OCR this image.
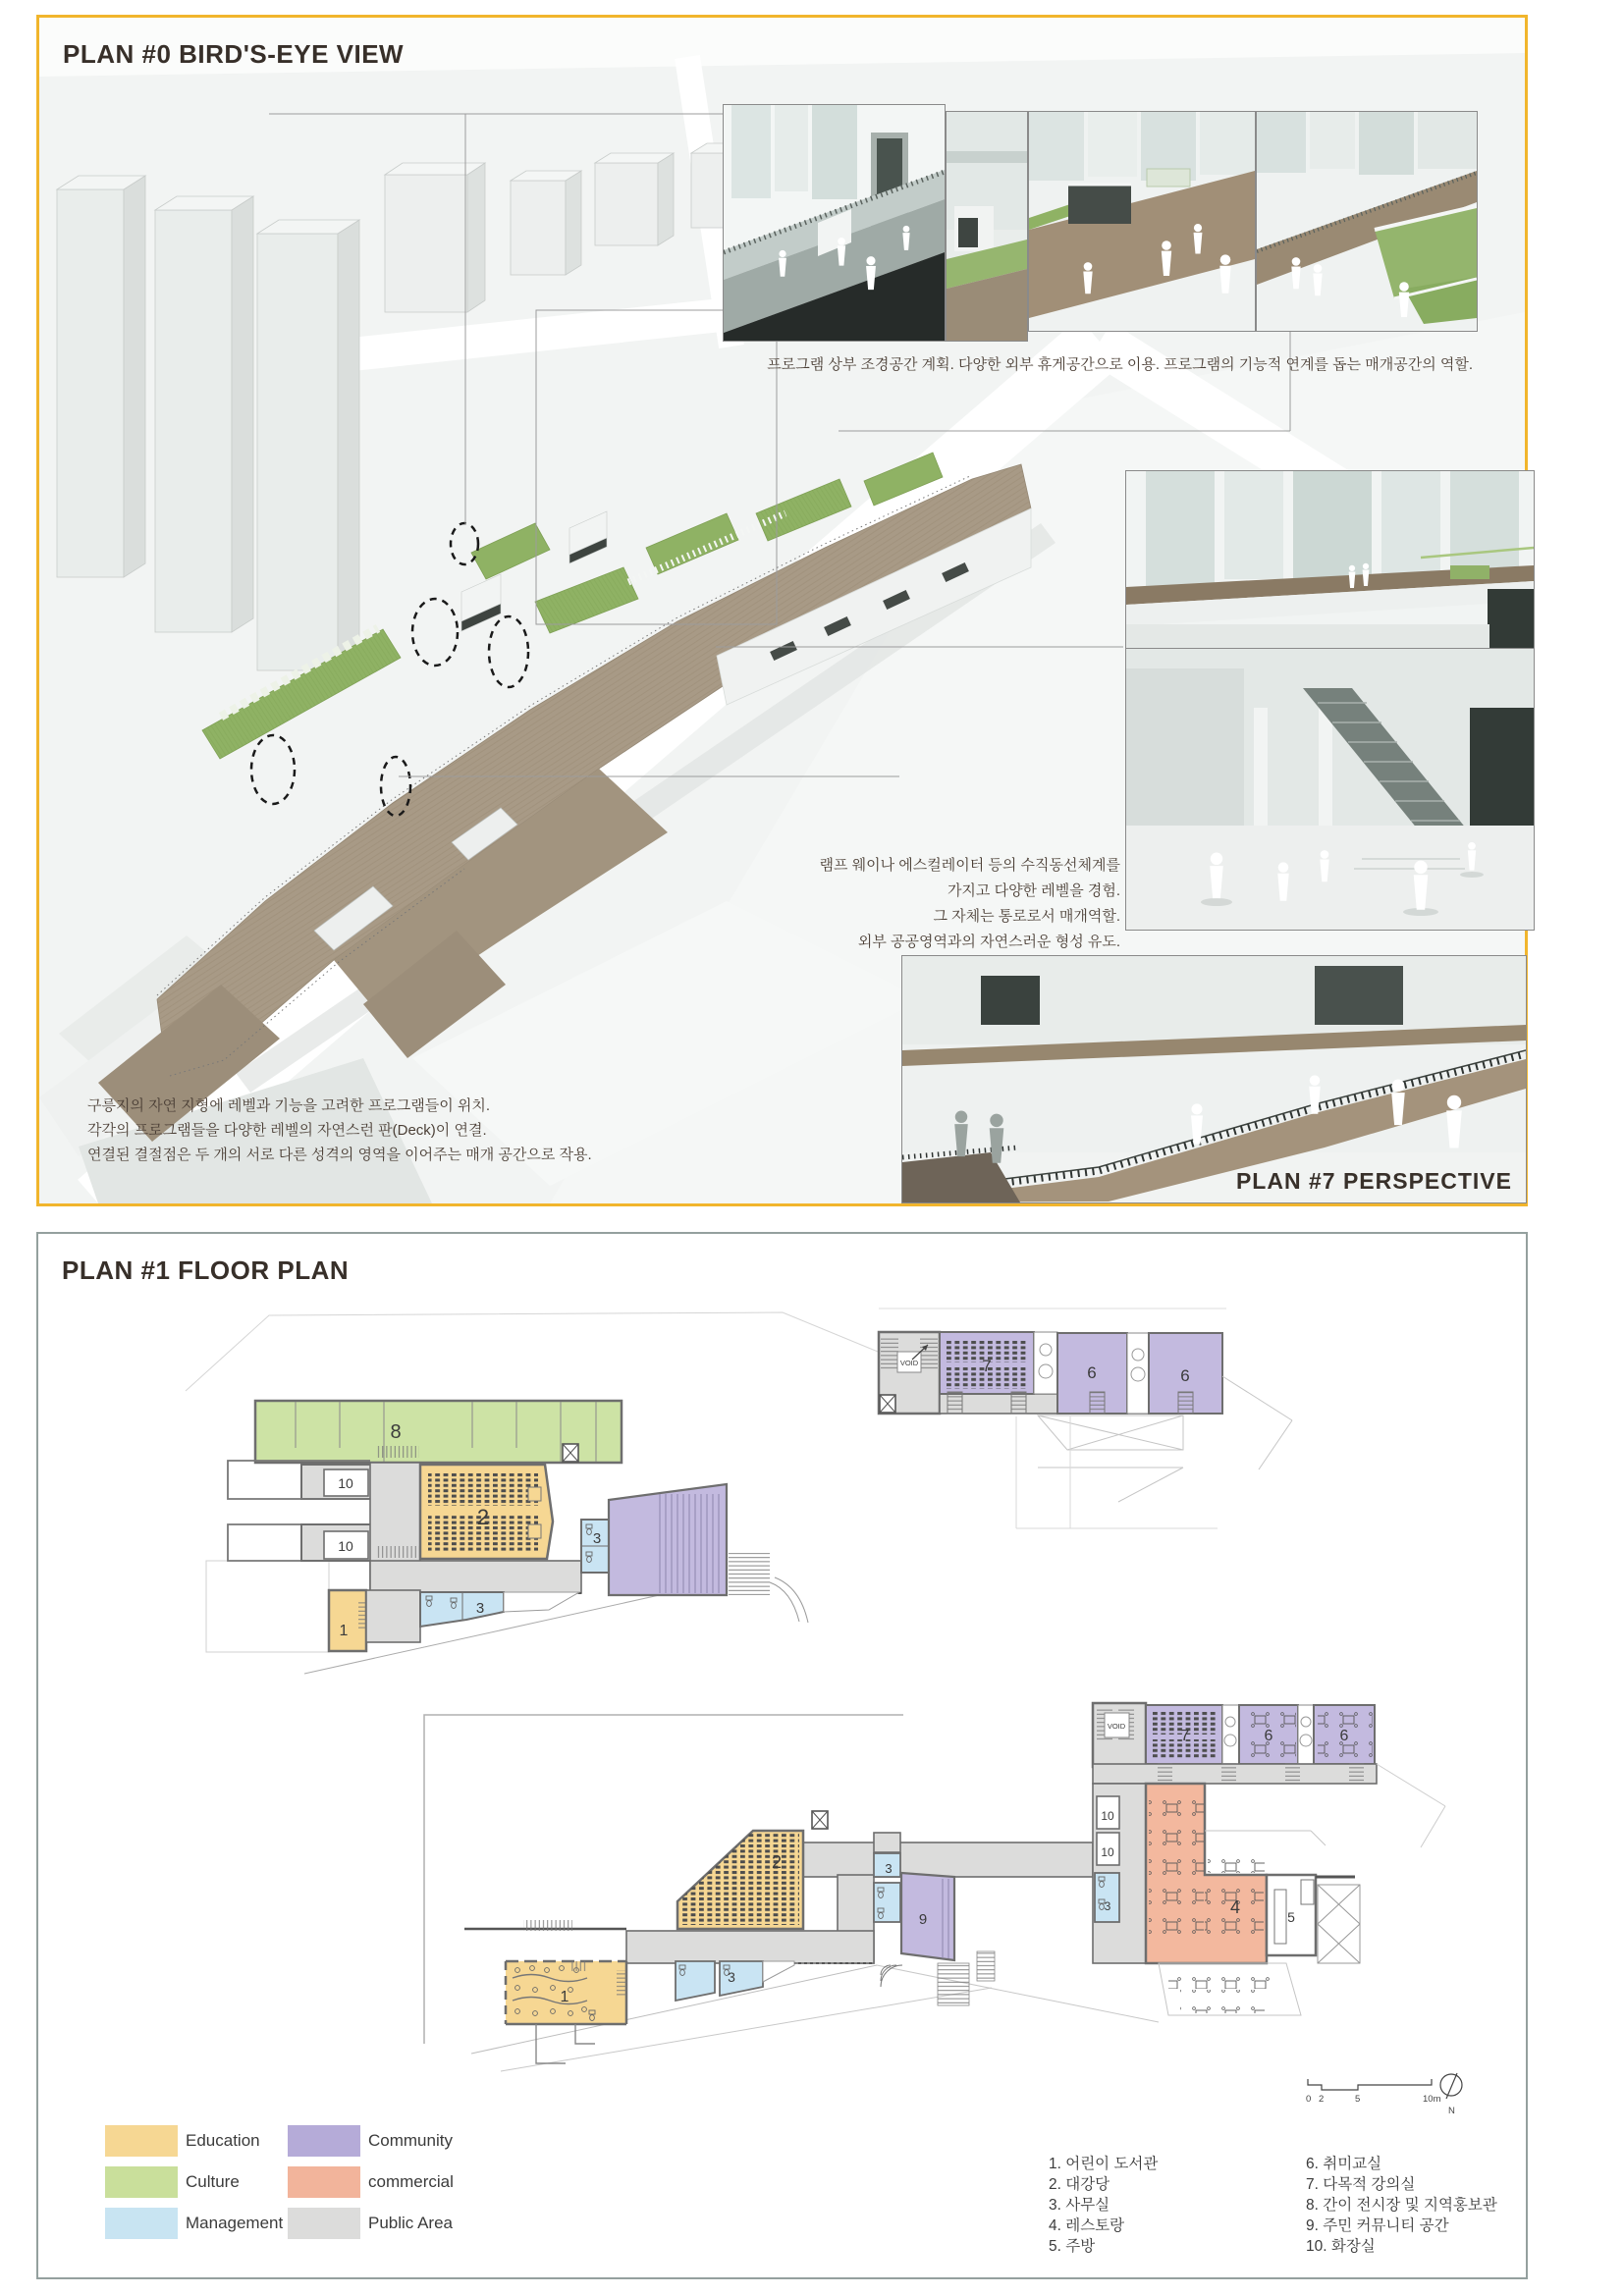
PLAN #0 BIRD'S-EYE VIEW
프로그램 상부 조경공간 계획. 다양한 외부 휴게공간으로 이용. 프로그램의 기능적 연계를 돕는 매개공간의 역할.
PLAN #7 PERSPECTIVE
램프 웨이나 에스컬레이터 등의 수직동선체계를
가지고 다양한 레벨을 경험.
그 자체는 통로로서 매개역할.
외부 공공영역과의 자연스러운 형성 유도.
구릉지의 자연 지형에 레벨과 기능을 고려한 프로그램들이 위치.
각각의 프로그램들을 다양한 레벨의 자연스런 판(Deck)이 연결.
연결된 결절점은 두 개의 서로 다른 성격의 영역을 이어주는 매개 공간으로 작용.
PLAN #1 FLOOR PLAN
8
10
10
2
3
1
3
VOID	7	6	6
2
VOID
7	6	6
10
10
3	4	5
3
9
1
3
0 2	5	10m
N
Education	Community
Culture	commercial
Management	Public Area
1. 어린이 도서관
2. 대강당
3. 사무실
4. 레스토랑
5. 주방
6. 취미교실
7. 다목적 강의실
8. 간이 전시장 및 지역홍보관
9. 주민 커뮤니티 공간
10. 화장실
